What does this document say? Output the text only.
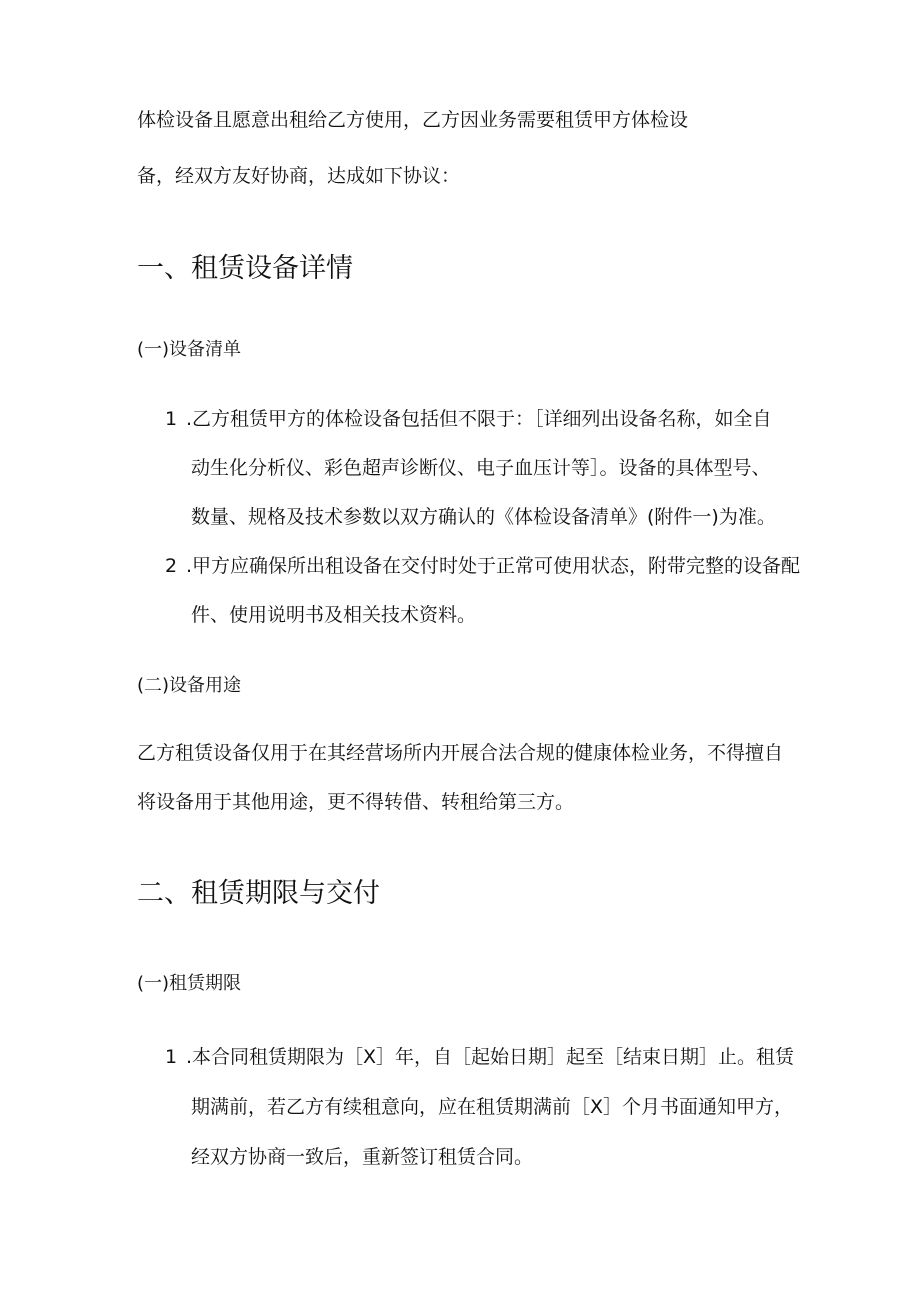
体检设备且愿意出租给乙方使用，乙方因业务需要租赁甲方体检设
备，经双方友好协商，达成如下协议：
一、租赁设备详情
(一)设备清单
1 .乙方租赁甲方的体检设备包括但不限于：［详细列出设备名称，如全自
动生化分析仪、彩色超声诊断仪、电子血压计等］。设备的具体型号、
数量、规格及技术参数以双方确认的《体检设备清单》(附件一)为准。
2 .甲方应确保所出租设备在交付时处于正常可使用状态，附带完整的设备配
件、使用说明书及相关技术资料。
(二)设备用途
乙方租赁设备仅用于在其经营场所内开展合法合规的健康体检业务，不得擅自
将设备用于其他用途，更不得转借、转租给第三方。
二、租赁期限与交付
(一)租赁期限
1 .本合同租赁期限为［X］年，自［起始日期］起至［结束日期］止。租赁
期满前，若乙方有续租意向，应在租赁期满前［X］个月书面通知甲方，
经双方协商一致后，重新签订租赁合同。
